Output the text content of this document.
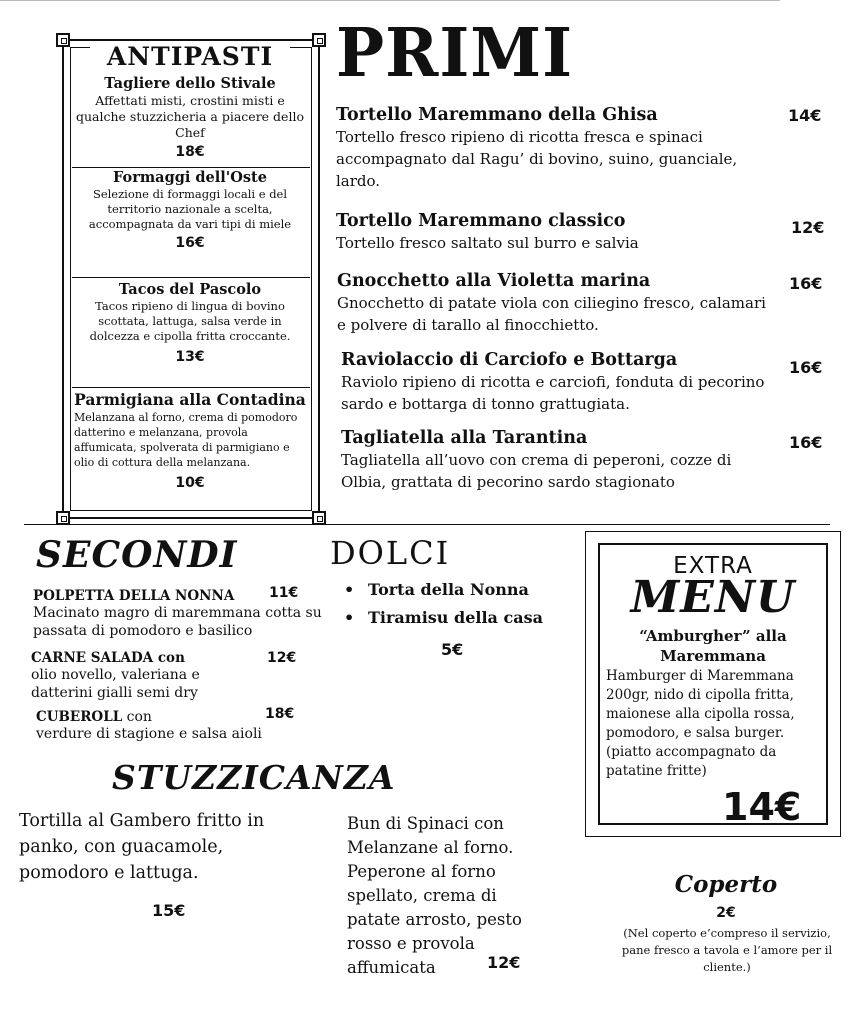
ANTIPASTI
Tagliere dello Stivale
Affettati misti, crostini misti e qualche stuzzicheria a piacere dello Chef
18€
Formaggi dell'Oste
Selezione di formaggi locali e del territorio nazionale a scelta, accompagnata da vari tipi di miele
16€
Tacos del Pascolo
Tacos ripieno di lingua di bovino scottata, lattuga, salsa verde in dolcezza e cipolla fritta croccante.
13€
Parmigiana alla Contadina
Melanzana al forno, crema di pomodoro datterino e melanzana, provola affumicata, spolverata di parmigiano e olio di cottura della melanzana.
10€
PRIMI
Tortello Maremmano della Ghisa
Tortello fresco ripieno di ricotta fresca e spinaci accompagnato dal Ragu’ di bovino, suino, guanciale, lardo.
14€
Tortello Maremmano classico
Tortello fresco saltato sul burro e salvia
12€
Gnocchetto alla Violetta marina
Gnocchetto di patate viola con ciliegino fresco, calamari e polvere di tarallo al finocchietto.
16€
Raviolaccio di Carciofo e Bottarga
Raviolo ripieno di ricotta e carciofi, fonduta di pecorino sardo e bottarga di tonno grattugiata.
16€
Tagliatella alla Tarantina
Tagliatella all’uovo con crema di peperoni, cozze di Olbia, grattata di pecorino sardo stagionato
16€
SECONDI
POLPETTA DELLA NONNA
Macinato magro di maremmana cotta su passata di pomodoro e basilico
11€
CARNE SALADA con
olio novello, valeriana e datterini gialli semi dry
12€
CUBEROLL con
verdure di stagione e salsa aioli
18€
DOLCI
• Torta della Nonna
• Tiramisu della casa
5€
EXTRA
MENU
“Amburgher” alla Maremmana
Hamburger di Maremmana 200gr, nido di cipolla fritta, maionese alla cipolla rossa, pomodoro, e salsa burger. (piatto accompagnato da patatine fritte)
14€
STUZZICANZA
Tortilla al Gambero fritto in panko, con guacamole, pomodoro e lattuga.
15€
Bun di Spinaci con Melanzane al forno. Peperone al forno spellato, crema di patate arrosto, pesto rosso e provola affumicata	12€
Coperto
2€
(Nel coperto e’compreso il servizio, pane fresco a tavola e l’amore per il cliente.)
